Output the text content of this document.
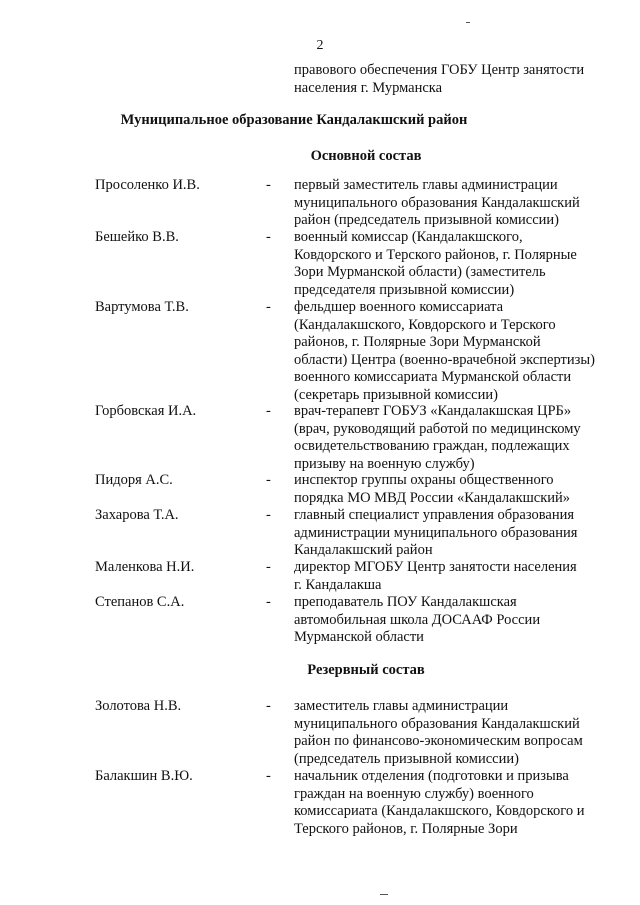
2
правового обеспечения ГОБУ Центр занятости
населения г. Мурманска
Муниципальное образование Кандалакшский район
Основной состав
Просоленко И.В.	- первый заместитель главы администрации
муниципального образования Кандалакшский
район (председатель призывной комиссии)
Бешейко В.В.	- военный комиссар (Кандалакшского,
Ковдорского и Терского районов, г. Полярные
Зори Мурманской области) (заместитель
председателя призывной комиссии)
Вартумова Т.В.	- фельдшер военного комиссариата
(Кандалакшского, Ковдорского и Терского
районов, г. Полярные Зори Мурманской
области) Центра (военно-врачебной экспертизы)
военного комиссариата Мурманской области
(секретарь призывной комиссии)
Горбовская И.А.	- врач-терапевт ГОБУЗ «Кандалакшская ЦРБ»
(врач, руководящий работой по медицинскому
освидетельствованию граждан, подлежащих
призыву на военную службу)
Пидоря А.С.	- инспектор группы охраны общественного
порядка МО МВД России «Кандалакшский»
Захарова Т.А.	- главный специалист управления образования
администрации муниципального образования
Кандалакшский район
Маленкова Н.И.	- директор МГОБУ Центр занятости населения
г. Кандалакша
Степанов С.А.	- преподаватель ПОУ Кандалакшская
автомобильная школа ДОСААФ России
Мурманской области
Резервный состав
Золотова Н.В.	- заместитель главы администрации
муниципального образования Кандалакшский
район по финансово-экономическим вопросам
(председатель призывной комиссии)
Балакшин В.Ю.	- начальник отделения (подготовки и призыва
граждан на военную службу) военного
комиссариата (Кандалакшского, Ковдорского и
Терского районов, г. Полярные Зори
